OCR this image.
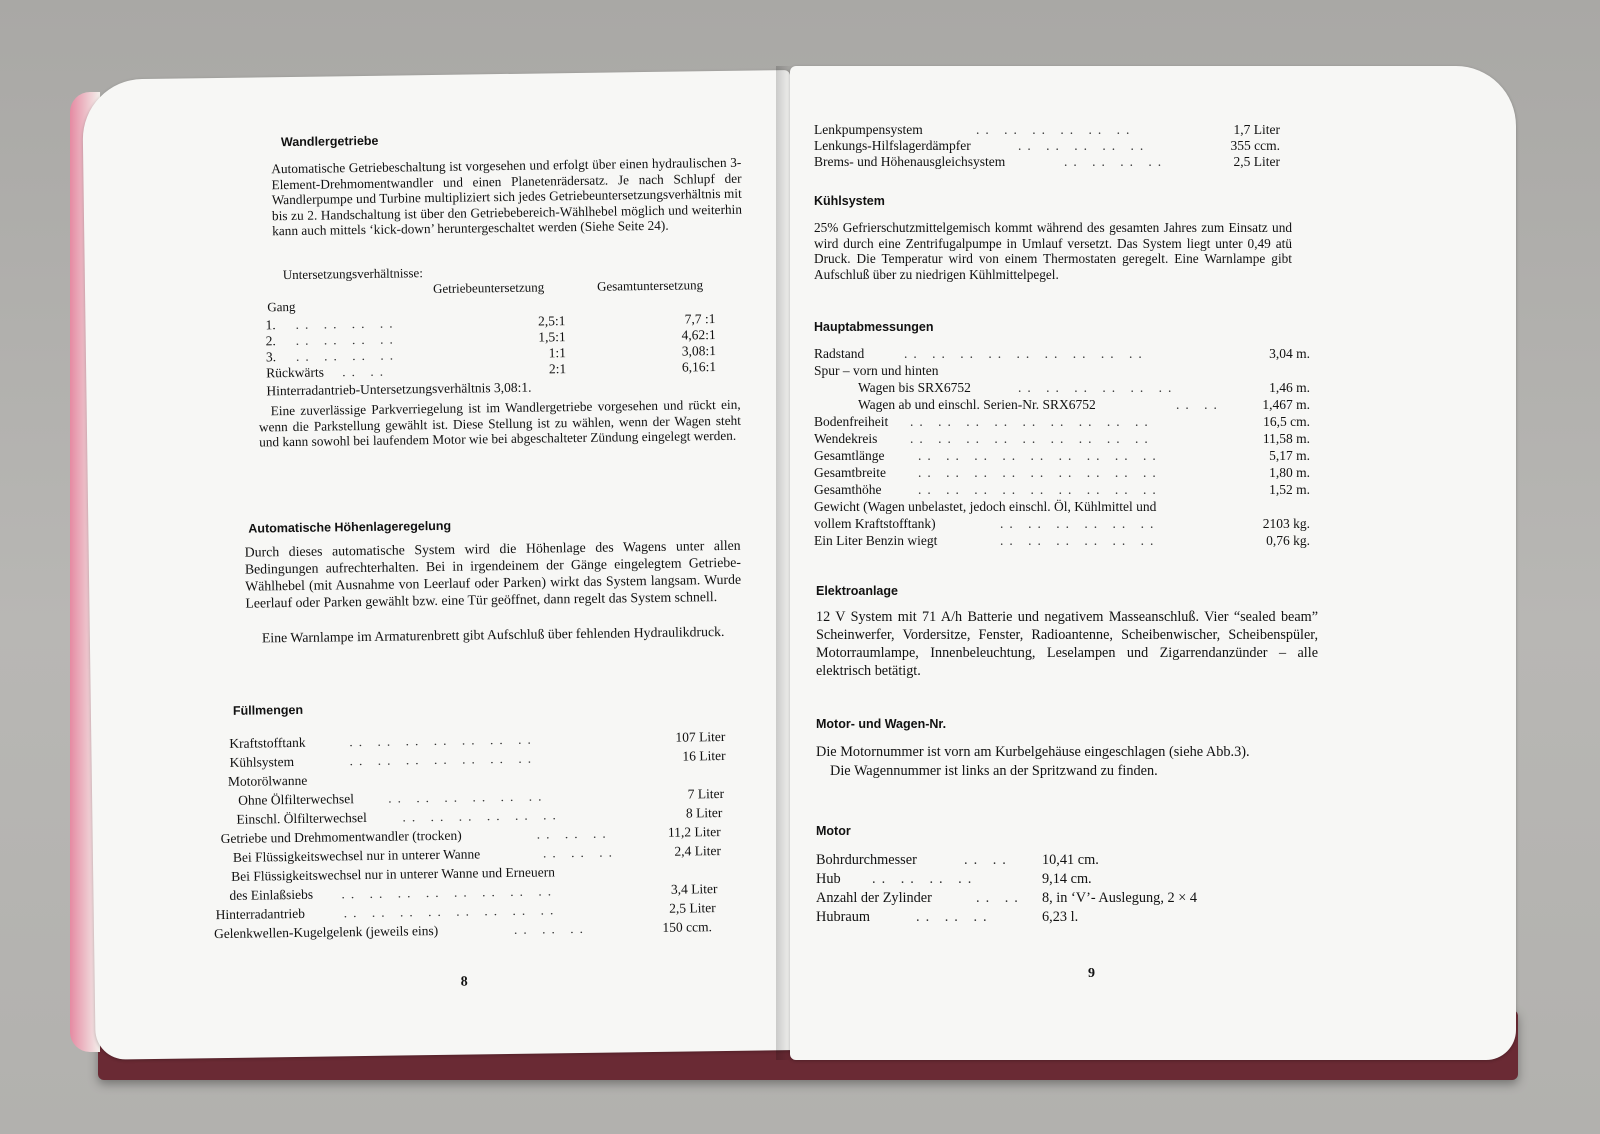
Wandlergetriebe

Automatische Getriebeschaltung ist vorgesehen und erfolgt über einen hydraulischen 3-Element-Drehmomentwandler und einen Planetenrädersatz. Je nach Schlupf der Wandlerpumpe und Turbine multipliziert sich jedes Getriebeuntersetzungsverhältnis mit bis zu 2. Handschaltung ist über den Getriebebereich-Wählhebel möglich und weiterhin kann auch mittels ‘kick-down’ heruntergeschaltet werden (Siehe Seite 24).

Untersetzungsverhältnisse:
Getriebeuntersetzung	Gesamtuntersetzung
Gang
1. .. .. .. ..	2,5:1	7,7 :1
2. .. .. .. ..	1,5:1	4,62:1
3. .. .. .. ..	1:1	3,08:1
Rückwärts .. ..	2:1	6,16:1
Hinterradantrieb-Untersetzungsverhältnis 3,08:1.

Eine zuverlässige Parkverriegelung ist im Wandlergetriebe vorgesehen und rückt ein, wenn die Parkstellung gewählt ist. Diese Stellung ist zu wählen, wenn der Wagen steht und kann sowohl bei laufendem Motor wie bei abgeschalteter Zündung eingelegt werden.

Automatische Höhenlageregelung

Durch dieses automatische System wird die Höhenlage des Wagens unter allen Bedingungen aufrechterhalten. Bei in irgendeinem der Gänge eingelegtem Getriebe-Wählhebel (mit Ausnahme von Leerlauf oder Parken) wirkt das System langsam. Wurde Leerlauf oder Parken gewählt bzw. eine Tür geöffnet, dann regelt das System schnell.

Eine Warnlampe im Armaturenbrett gibt Aufschluß über fehlenden Hydraulikdruck.

Füllmengen
Kraftstofftank	.. .. .. .. .. .. ..	107 Liter
Kühlsystem	.. .. .. .. .. .. ..	16 Liter
Motorölwanne
Ohne Ölfilterwechsel	.. .. .. .. .. ..	7 Liter
Einschl. Ölfilterwechsel	.. .. .. .. .. ..	8 Liter
Getriebe und Drehmomentwandler (trocken)	.. .. ..	11,2 Liter
Bei Flüssigkeitswechsel nur in unterer Wanne	.. .. ..	2,4 Liter
Bei Flüssigkeitswechsel nur in unterer Wanne und Erneuern
des Einlaßsiebs .. .. .. .. .. .. .. ..	3,4 Liter
Hinterradantrieb	.. .. .. .. .. .. .. ..	2,5 Liter
Gelenkwellen-Kugelgelenk (jeweils eins)	.. .. ..	150 ccm.
8
Lenkpumpensystem	.. .. .. .. .. ..	1,7 Liter
Lenkungs-Hilfslagerdämpfer	.. .. .. .. ..	355 ccm.
Brems- und Höhenausgleichsystem	.. .. .. ..	2,5 Liter
Kühlsystem

25% Gefrierschutzmittelgemisch kommt während des gesamten Jahres zum Einsatz und wird durch eine Zentrifugalpumpe in Umlauf versetzt. Das System liegt unter 0,49 atü Druck. Die Temperatur wird von einem Thermostaten geregelt. Eine Warnlampe gibt Aufschluß über zu niedrigen Kühlmittelpegel.

Hauptabmessungen
Radstand	.. .. .. .. .. .. .. .. ..	3,04 m.
Spur – vorn und hinten
Wagen bis SRX6752	.. .. .. .. .. ..	1,46 m.
Wagen ab und einschl. Serien-Nr. SRX6752	.. ..	1,467 m.
Bodenfreiheit .. .. .. .. .. .. .. .. ..	16,5 cm.
Wendekreis .. .. .. .. .. .. .. .. ..	11,58 m.
Gesamtlänge .. .. .. .. .. .. .. .. ..	5,17 m.
Gesamtbreite .. .. .. .. .. .. .. .. ..	1,80 m.
Gesamthöhe	.. .. .. .. .. .. .. .. ..	1,52 m.
Gewicht (Wagen unbelastet, jedoch einschl. Öl, Kühlmittel und
vollem Kraftstofftank)	.. .. .. .. .. ..	2103 kg.
Ein Liter Benzin wiegt	.. .. .. .. .. ..	0,76 kg.
Elektroanlage

12 V System mit 71 A/h Batterie und negativem Masseanschluß. Vier “sealed beam” Scheinwerfer, Vordersitze, Fenster, Radioantenne, Scheibenwischer, Scheibenspüler, Motorraumlampe, Innenbeleuchtung, Leselampen und Zigarrendanzünder – alle elektrisch betätigt.

Motor- und Wagen-Nr.
Die Motornummer ist vorn am Kurbelgehäuse eingeschlagen (siehe Abb.3).
Die Wagennummer ist links an der Spritzwand zu finden.
Motor
Bohrdurchmesser	.. .. 10,41 cm.
Hub .. .. .. ..	9,14 cm.
Anzahl der Zylinder	.. .. 8, in ‘V’- Auslegung, 2 × 4
Hubraum	.. .. ..	6,23 l.
9
